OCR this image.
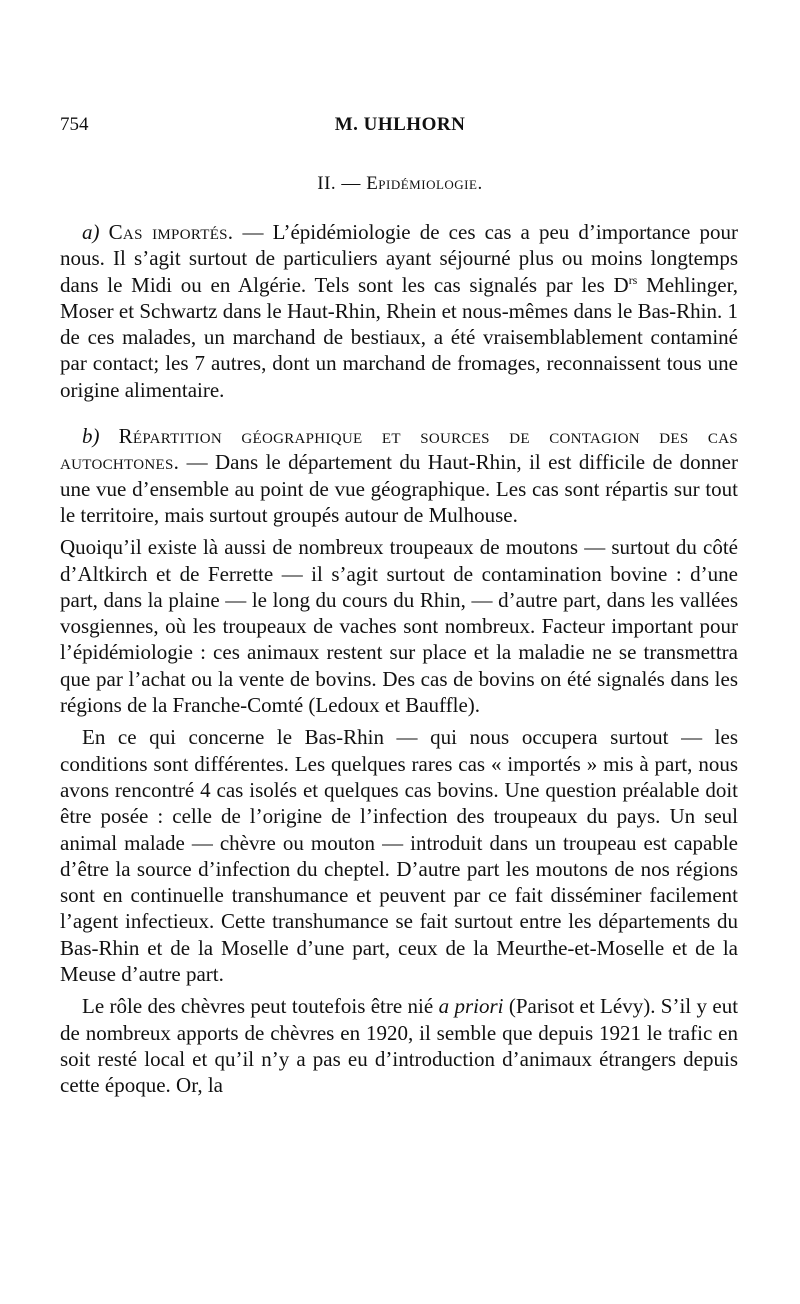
754	M. UHLHORN
II. — Epidémiologie.

a) Cas importés. — L’épidémiologie de ces cas a peu d’importance pour nous. Il s’agit surtout de particuliers ayant séjourné plus ou moins longtemps dans le Midi ou en Algérie. Tels sont les cas signalés par les $D^{rs}$ Mehlinger, Moser et Schwartz dans le Haut-Rhin, Rhein et nous-mêmes dans le Bas-Rhin. 1 de ces malades, un marchand de bestiaux, a été vraisemblablement contaminé par contact; les 7 autres, dont un marchand de fromages, reconnaissent tous une origine alimentaire.

b) Répartition géographique et sources de contagion des cas autochtones. — Dans le département du Haut-Rhin, il est difficile de donner une vue d’ensemble au point de vue géographique. Les cas sont répartis sur tout le territoire, mais surtout groupés autour de Mulhouse.

Quoiqu’il existe là aussi de nombreux troupeaux de moutons — surtout du côté d’Altkirch et de Ferrette — il s’agit surtout de contamination bovine : d’une part, dans la plaine — le long du cours du Rhin, — d’autre part, dans les vallées vosgiennes, où les troupeaux de vaches sont nombreux. Facteur important pour l’épidémiologie : ces animaux restent sur place et la maladie ne se transmettra que par l’achat ou la vente de bovins. Des cas de bovins on été signalés dans les régions de la Franche-Comté (Ledoux et Bauffle).

En ce qui concerne le Bas-Rhin — qui nous occupera surtout — les conditions sont différentes. Les quelques rares cas « importés » mis à part, nous avons rencontré 4 cas isolés et quelques cas bovins. Une question préalable doit être posée : celle de l’origine de l’infection des troupeaux du pays. Un seul animal malade — chèvre ou mouton — introduit dans un troupeau est capable d’être la source d’infection du cheptel. D’autre part les moutons de nos régions sont en continuelle transhumance et peuvent par ce fait disséminer facilement l’agent infectieux. Cette transhumance se fait surtout entre les départements du Bas-Rhin et de la Moselle d’une part, ceux de la Meurthe-et-Moselle et de la Meuse d’autre part.

Le rôle des chèvres peut toutefois être nié a priori (Parisot et Lévy). S’il y eut de nombreux apports de chèvres en 1920, il semble que depuis 1921 le trafic en soit resté local et qu’il n’y a pas eu d’introduction d’animaux étrangers depuis cette époque. Or, la
